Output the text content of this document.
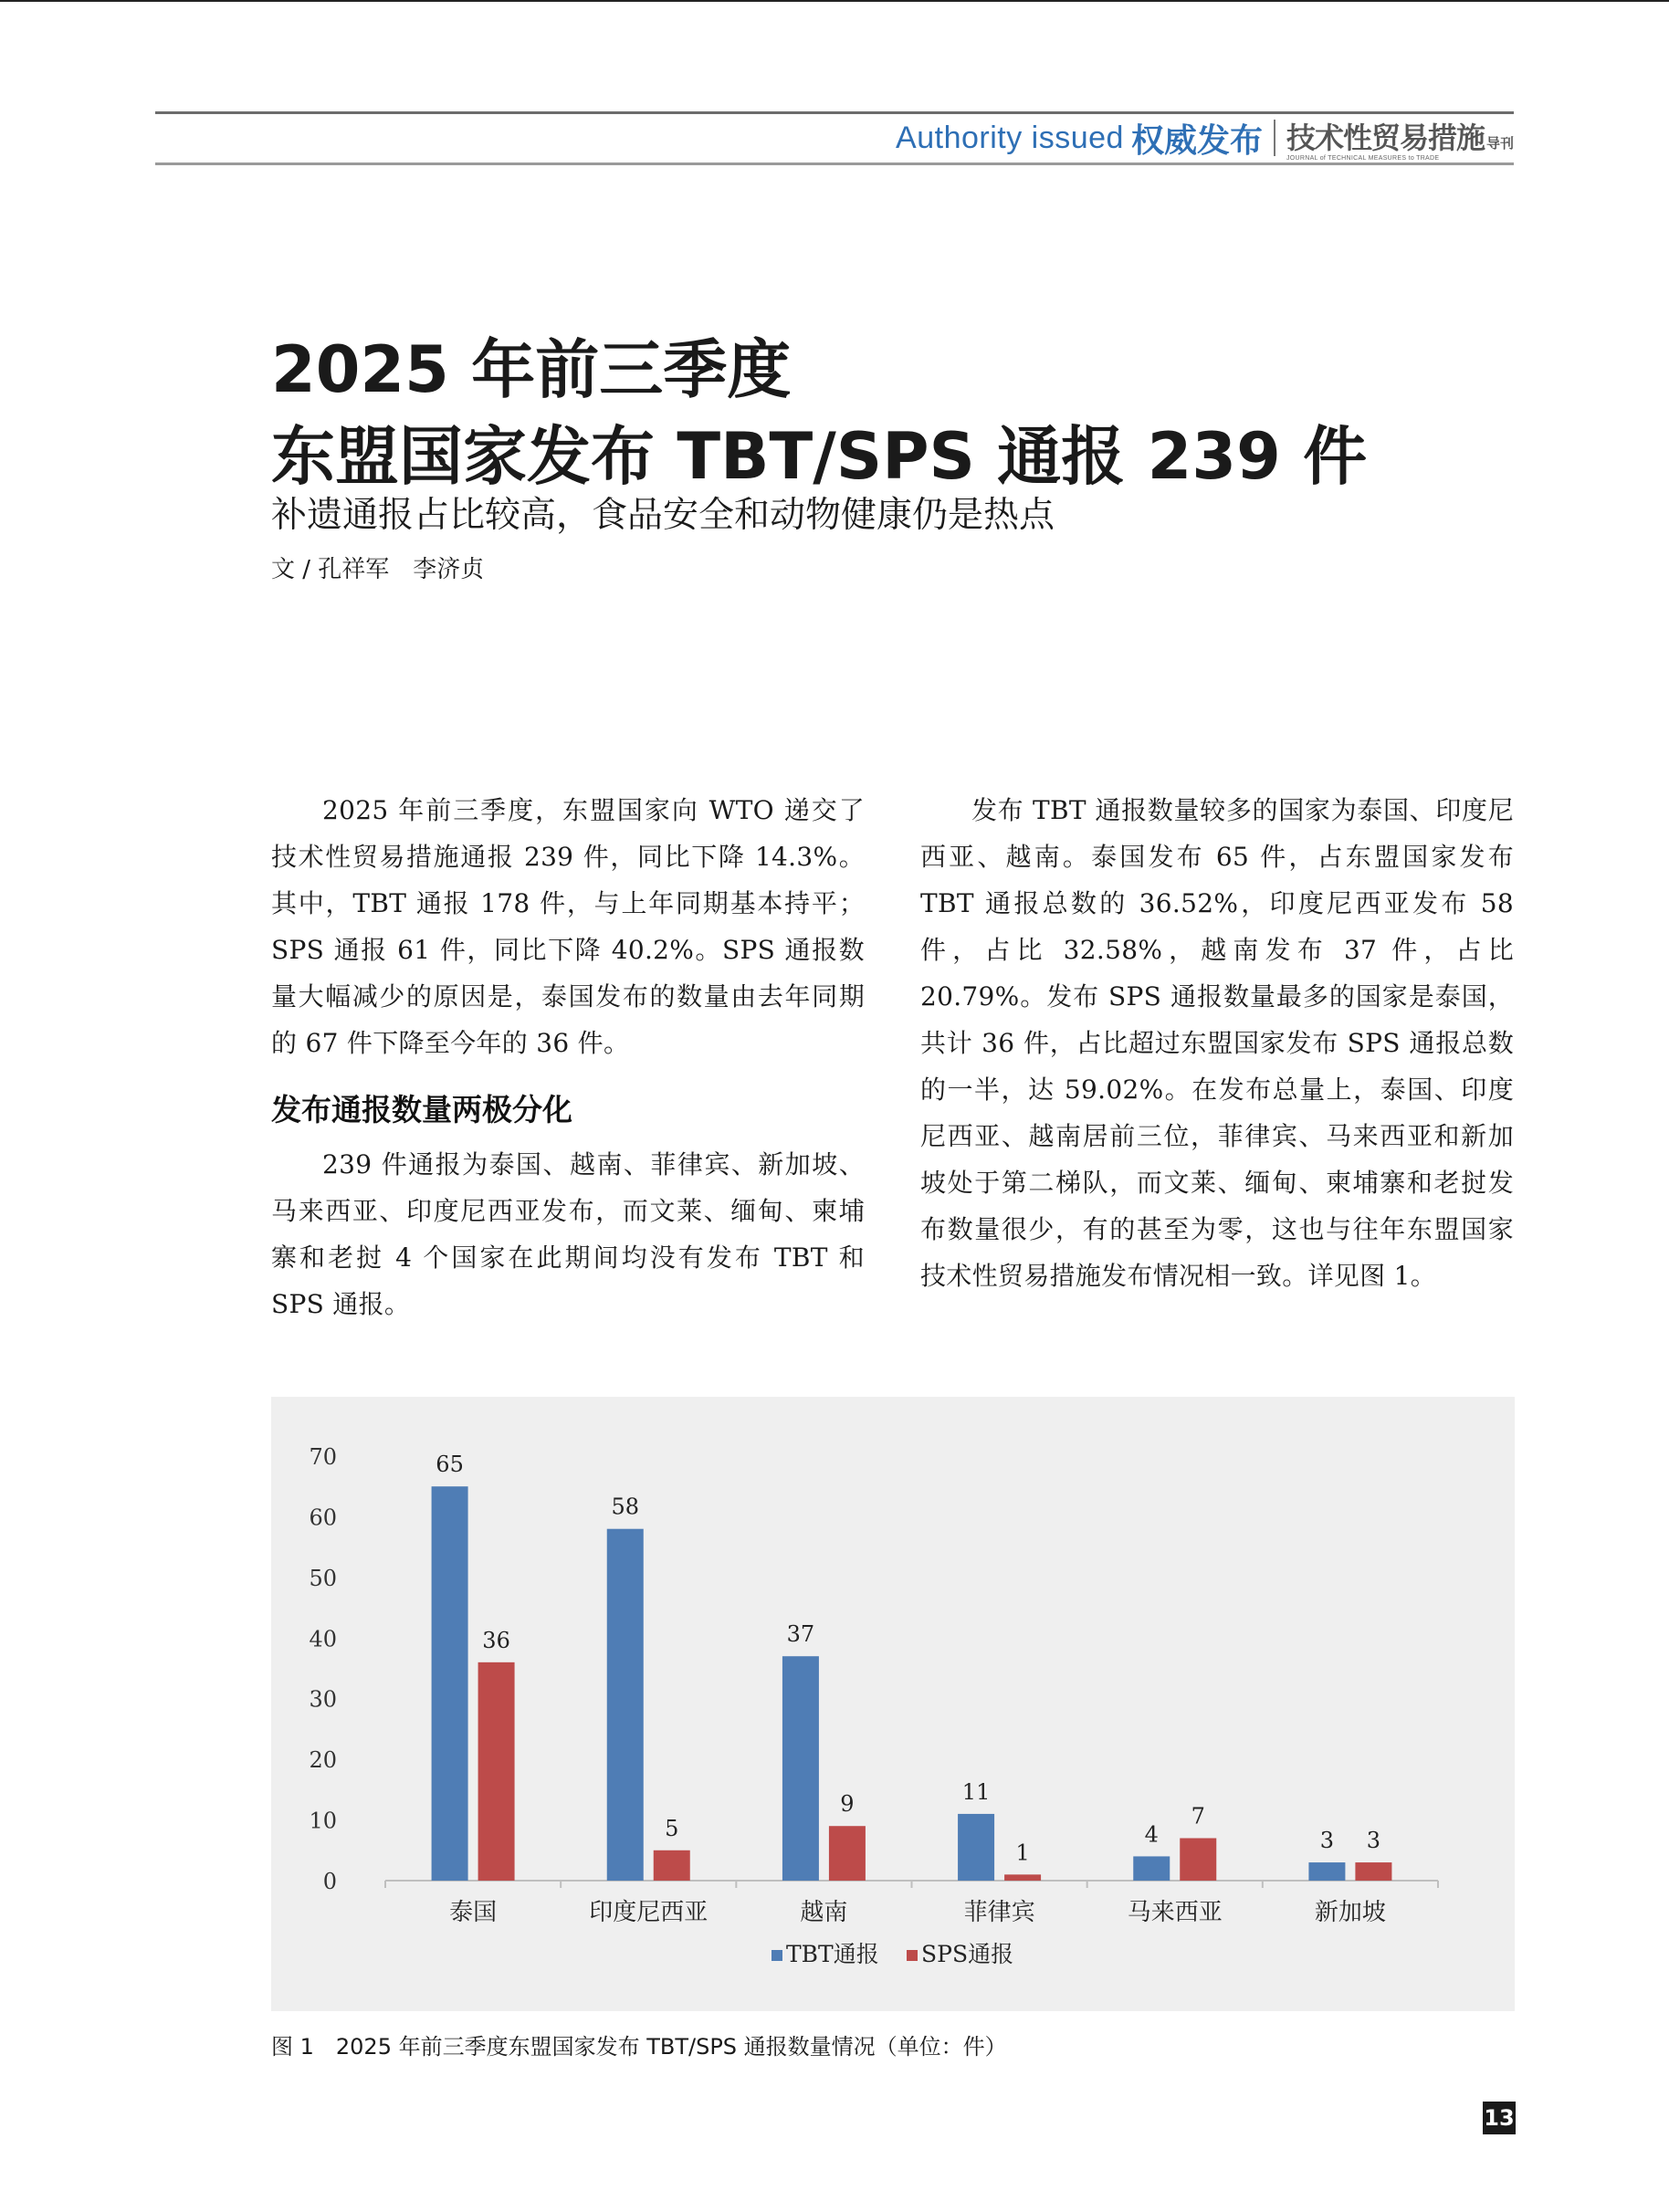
Authority issued 权威发布 技术性贸易措施 导刊
JOURNAL of TECHNICAL MEASURES to TRADE
2025 年前三季度
东盟国家发布 TBT/SPS 通报 239 件
补遗通报占比较高，食品安全和动物健康仍是热点
文 / 孔祥军　李济贞

2025 年前三季度，东盟国家向 WTO 递交了技术性贸易措施通报 239 件，同比下降 14.3%。其中，TBT 通报 178 件，与上年同期基本持平；SPS 通报 61 件，同比下降 40.2%。SPS 通报数量大幅减少的原因是，泰国发布的数量由去年同期的 67 件下降至今年的 36 件。

发布通报数量两极分化

239 件通报为泰国、越南、菲律宾、新加坡、马来西亚、印度尼西亚发布，而文莱、缅甸、柬埔寨和老挝 4 个国家在此期间均没有发布 TBT 和 SPS 通报。

发布 TBT 通报数量较多的国家为泰国、印度尼西亚、越南。泰国发布 65 件，占东盟国家发布 TBT 通报总数的 36.52%，印度尼西亚发布 58 件，占比 32.58%，越南发布 37 件，占比 20.79%。发布 SPS 通报数量最多的国家是泰国，共计 36 件，占比超过东盟国家发布 SPS 通报总数的一半，达 59.02%。在发布总量上，泰国、印度尼西亚、越南居前三位，菲律宾、马来西亚和新加坡处于第二梯队，而文莱、缅甸、柬埔寨和老挝发布数量很少，有的甚至为零，这也与往年东盟国家技术性贸易措施发布情况相一致。详见图 1。

0
10
20
30
40
50
60
70	65
36
泰国
58
5
印度尼西亚
37
9
越南
11
1
菲律宾
4
7
马来西亚
3 3
新加坡
TBT通报 SPS通报
图 1　2025 年前三季度东盟国家发布 TBT/SPS 通报数量情况（单位：件）
13
